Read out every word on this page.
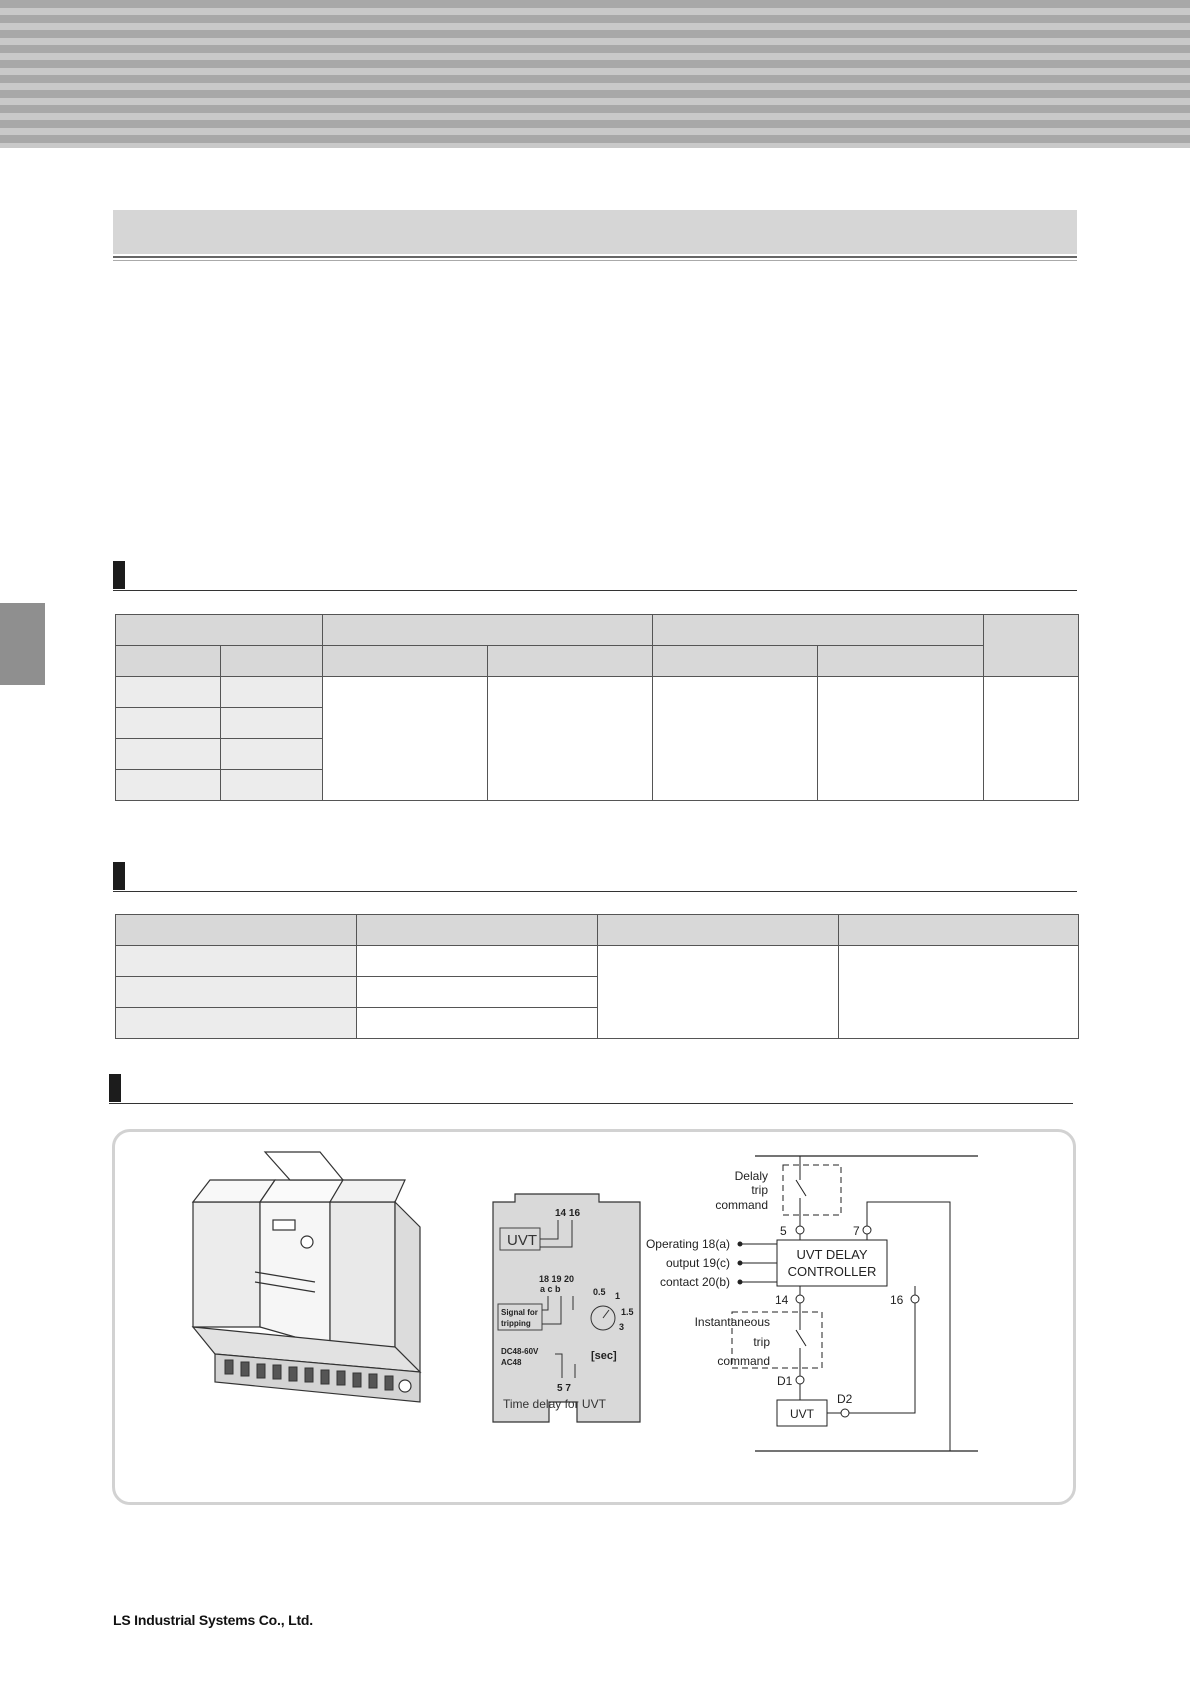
UVT
14 16
18 19 20
a c b
Signal for
tripping
0.5 1
1.5
3
DC48-60V
AC48
[sec]
5 7
Time delay for UVT
Delaly
trip
command
5	7
UVT DELAY
CONTROLLER
Operating 18(a)
output 19(c)
contact 20(b)
14	16
Instantaneous
trip
command
D1
UVT
D2
LS Industrial Systems Co., Ltd.
